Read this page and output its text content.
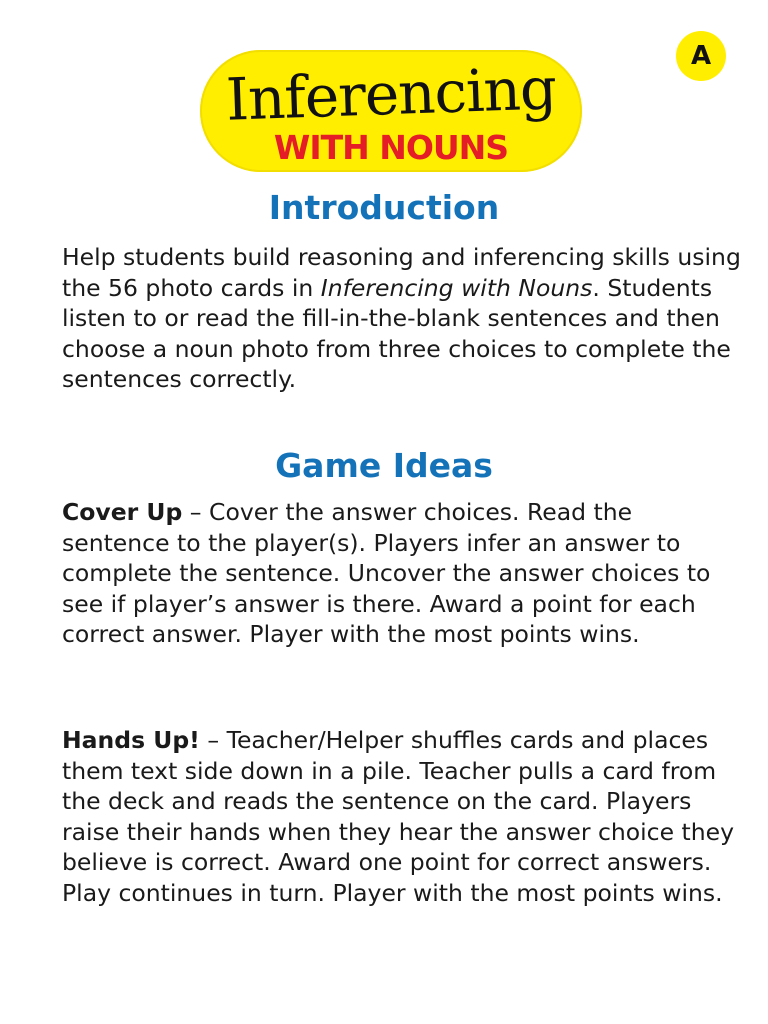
Inferencing
WITH NOUNS
A
Introduction

Help students build reasoning and inferencing skills using the 56 photo cards in Inferencing with Nouns. Students listen to or read the fill-in-the-blank sentences and then choose a noun photo from three choices to complete the sentences correctly.

Game Ideas

Cover Up – Cover the answer choices. Read the sentence to the player(s). Players infer an answer to complete the sentence. Uncover the answer choices to see if player’s answer is there. Award a point for each correct answer. Player with the most points wins.

Hands Up! – Teacher/Helper shuffles cards and places them text side down in a pile. Teacher pulls a card from the deck and reads the sentence on the card. Players raise their hands when they hear the answer choice they believe is correct. Award one point for correct answers. Play continues in turn. Player with the most points wins.
